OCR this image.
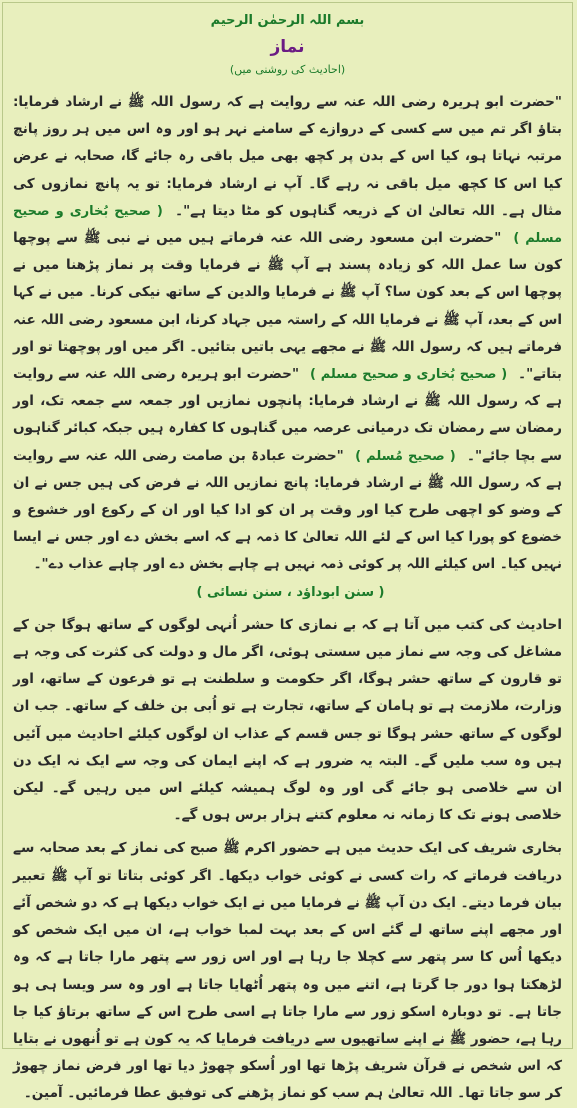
بسم اللہ الرحمٰن الرحیم
نماز
(احادیث کی روشنی میں)
"حضرت ابو ہریرہ رضی اللہ عنہ سے روایت ہے کہ رسول اللہ ﷺ نے ارشاد فرمایا: بتاؤ اگر تم میں سے کسی کے دروازے کے سامنے نہر ہو اور وہ اس میں ہر روز پانچ مرتبہ نہاتا ہو، کیا اس کے بدن پر کچھ بھی میل باقی رہ جائے گا، صحابہ نے عرض کیا اس کا کچھ میل باقی نہ رہے گا۔ آپ نے ارشاد فرمایا: تو یہ پانچ نمازوں کی مثال ہے۔ اللہ تعالیٰ ان کے ذریعہ گناہوں کو مٹا دیتا ہے"۔ ( صحیح بُخاری و صحیح مسلم ) "حضرت ابن مسعود رضی اللہ عنہ فرماتے ہیں میں نے نبی ﷺ سے پوچھا کون سا عمل اللہ کو زیادہ پسند ہے آپ ﷺ نے فرمایا وقت پر نماز پڑھنا میں نے پوچھا اس کے بعد کون سا؟ آپ ﷺ نے فرمایا والدین کے ساتھ نیکی کرنا۔ میں نے کہا اس کے بعد، آپ ﷺ نے فرمایا اللہ کے راستہ میں جہاد کرنا، ابن مسعود رضی اللہ عنہ فرماتے ہیں کہ رسول اللہ ﷺ نے مجھے یہی باتیں بتائیں۔ اگر میں اور پوچھتا تو اور بتاتے"۔ ( صحیح بُخاری و صحیح مسلم ) "حضرت ابو ہریرہ رضی اللہ عنہ سے روایت ہے کہ رسول اللہ ﷺ نے ارشاد فرمایا: پانچوں نمازیں اور جمعہ سے جمعہ تک، اور رمضان سے رمضان تک درمیانی عرصہ میں گناہوں کا کفارہ ہیں جبکہ کبائر گناہوں سے بچا جائے"۔ ( صحیح مُسلم ) "حضرت عبادۃ بن صامت رضی اللہ عنہ سے روایت ہے کہ رسول اللہ ﷺ نے ارشاد فرمایا: پانچ نمازیں اللہ نے فرض کی ہیں جس نے ان کے وضو کو اچھی طرح کیا اور وقت پر ان کو ادا کیا اور ان کے رکوع اور خشوع و خضوع کو پورا کیا اس کے لئے اللہ تعالیٰ کا ذمہ ہے کہ اسے بخش دے اور جس نے ایسا نہیں کیا۔ اس کیلئے اللہ پر کوئی ذمہ نہیں ہے چاہے بخش دے اور چاہے عذاب دے"۔
( سنن ابوداؤد ، سنن نسائی )
احادیث کی کتب میں آتا ہے کہ بے نمازی کا حشر اُنہی لوگوں کے ساتھ ہوگا جن کے مشاغل کی وجہ سے نماز میں سستی ہوئی، اگر مال و دولت کی کثرت کی وجہ ہے تو قارون کے ساتھ حشر ہوگا، اگر حکومت و سلطنت ہے تو فرعون کے ساتھ، اور وزارت، ملازمت ہے تو ہامان کے ساتھ، تجارت ہے تو اُبی بن خلف کے ساتھ۔ جب ان لوگوں کے ساتھ حشر ہوگا تو جس قسم کے عذاب ان لوگوں کیلئے احادیث میں آئیں ہیں وہ سب ملیں گے۔ البتہ یہ ضرور ہے کہ اپنے ایمان کی وجہ سے ایک نہ ایک دن ان سے خلاصی ہو جائے گی اور وہ لوگ ہمیشہ کیلئے اس میں رہیں گے۔ لیکن خلاصی ہونے تک کا زمانہ نہ معلوم کتنے ہزار برس ہوں گے۔
بخاری شریف کی ایک حدیث میں ہے حضور اکرم ﷺ صبح کی نماز کے بعد صحابہ سے دریافت فرماتے کہ رات کسی نے کوئی خواب دیکھا۔ اگر کوئی بتاتا تو آپ ﷺ تعبیر بیان فرما دیتے۔ ایک دن آپ ﷺ نے فرمایا میں نے ایک خواب دیکھا ہے کہ دو شخص آئے اور مجھے اپنے ساتھ لے گئے اس کے بعد بہت لمبا خواب ہے، ان میں ایک شخص کو دیکھا اُس کا سر پتھر سے کچلا جا رہا ہے اور اس زور سے پتھر مارا جاتا ہے کہ وہ لڑھکتا ہوا دور جا گرتا ہے، اتنے میں وہ پتھر اُٹھایا جاتا ہے اور وہ سر ویسا ہی ہو جاتا ہے۔ تو دوبارہ اسکو زور سے مارا جاتا ہے اسی طرح اس کے ساتھ برتاؤ کیا جا رہا ہے، حضور ﷺ نے اپنے ساتھیوں سے دریافت فرمایا کہ یہ کون ہے تو اُنھوں نے بتایا کہ اس شخص نے قرآن شریف پڑھا تھا اور اُسکو چھوڑ دیا تھا اور فرض نماز چھوڑ کر سو جاتا تھا۔ اللہ تعالیٰ ہم سب کو نماز پڑھنے کی توفیق عطا فرمائیں۔ آمین۔
